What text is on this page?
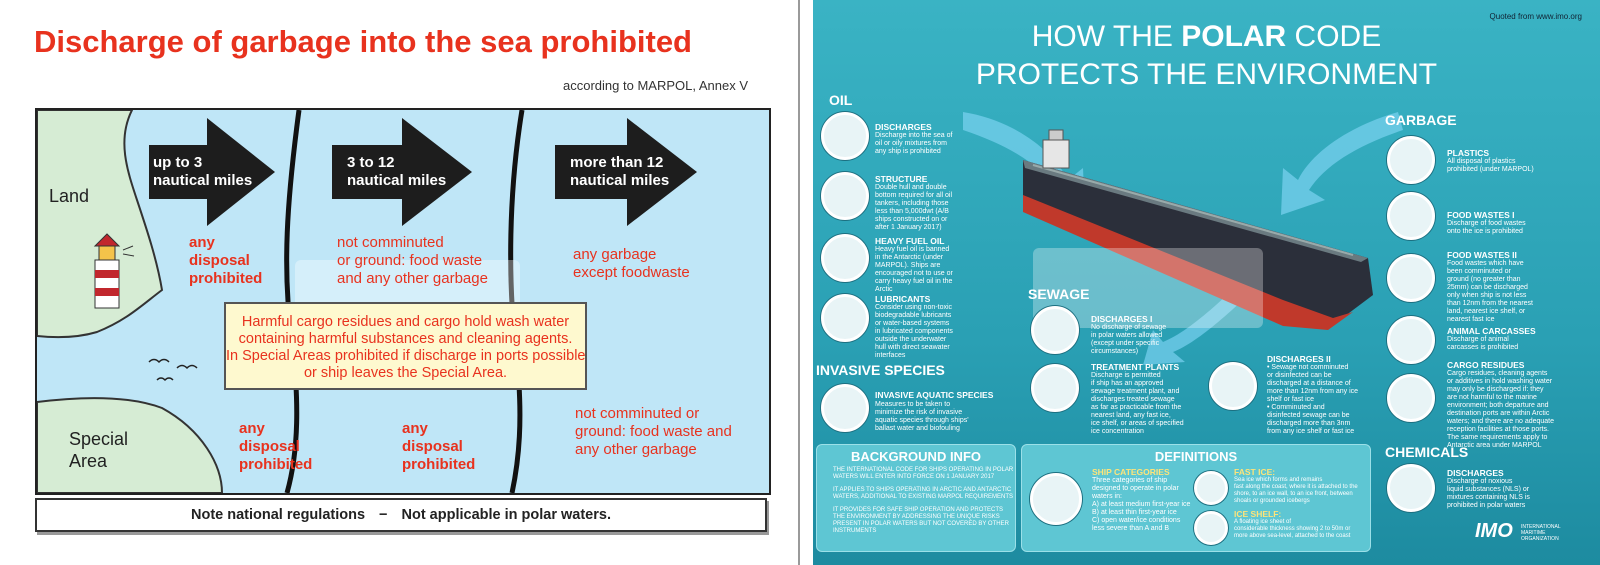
Discharge of garbage into the sea prohibited
according to MARPOL, Annex V
Land
Special
Area
up to 3
nautical miles
3 to 12
nautical miles
more than 12
nautical miles
any
disposal
prohibited
not comminuted
or ground: food waste
and any other garbage
any garbage
except foodwaste
any
disposal
prohibited
any
disposal
prohibited
not comminuted or
ground: food waste and
any other garbage
Harmful cargo residues and cargo hold wash water
containing harmful substances and cleaning agents.
In Special Areas prohibited if discharge in ports possible
or ship leaves the Special Area.
Note national regulations − Not applicable in polar waters.
Quoted from www.imo.org
HOW THE POLAR CODE
PROTECTS THE ENVIRONMENT
OIL
DISCHARGES
Discharge into the sea of
oil or oily mixtures from
any ship is prohibited
STRUCTURE
Double hull and double
bottom required for all oil
tankers, including those
less than 5,000dwt (A/B
ships constructed on or
after 1 January 2017)
HEAVY FUEL OIL
Heavy fuel oil is banned
in the Antarctic (under
MARPOL). Ships are
encouraged not to use or
carry heavy fuel oil in the
Arctic
LUBRICANTS
Consider using non-toxic
biodegradable lubricants
or water-based systems
in lubricated components
outside the underwater
hull with direct seawater
interfaces
INVASIVE SPECIES
INVASIVE AQUATIC SPECIES
Measures to be taken to
minimize the risk of invasive
aquatic species through ships'
ballast water and biofouling
SEWAGE
DISCHARGES I
No discharge of sewage
in polar waters allowed
(except under specific
circumstances)
TREATMENT PLANTS
Discharge is permitted
if ship has an approved
sewage treatment plant, and
discharges treated sewage
as far as practicable from the
nearest land, any fast ice,
ice shelf, or areas of specified
ice concentration
DISCHARGES II
• Sewage not comminuted
or disinfected can be
discharged at a distance of
more than 12nm from any ice
shelf or fast ice
• Comminuted and
disinfected sewage can be
discharged more than 3nm
from any ice shelf or fast ice
GARBAGE
PLASTICS
All disposal of plastics
prohibited (under MARPOL)
FOOD WASTES I
Discharge of food wastes
onto the ice is prohibited
FOOD WASTES II
Food wastes which have
been comminuted or
ground (no greater than
25mm) can be discharged
only when ship is not less
than 12nm from the nearest
land, nearest ice shelf, or
nearest fast ice
ANIMAL CARCASSES
Discharge of animal
carcasses is prohibited
CARGO RESIDUES
Cargo residues, cleaning agents
or additives in hold washing water
may only be discharged if: they
are not harmful to the marine
environment; both departure and
destination ports are within Arctic
waters; and there are no adequate
reception facilities at those ports.
The same requirements apply to
Antarctic area under MARPOL
CHEMICALS
DISCHARGES
Discharge of noxious
liquid substances (NLS) or
mixtures containing NLS is
prohibited in polar waters
BACKGROUND INFO
THE INTERNATIONAL CODE FOR SHIPS OPERATING IN POLAR
WATERS WILL ENTER INTO FORCE ON 1 JANUARY 2017
IT APPLIES TO SHIPS OPERATING IN ARCTIC AND ANTARCTIC
WATERS, ADDITIONAL TO EXISTING MARPOL REQUIREMENTS
IT PROVIDES FOR SAFE SHIP OPERATION AND PROTECTS
THE ENVIRONMENT BY ADDRESSING THE UNIQUE RISKS
PRESENT IN POLAR WATERS BUT NOT COVERED BY OTHER
INSTRUMENTS
DEFINITIONS
SHIP CATEGORIES
Three categories of ship
designed to operate in polar
waters in:
A) at least medium first-year ice
B) at least thin first-year ice
C) open water/ice conditions
less severe than A and B
FAST ICE:
Sea ice which forms and remains
fast along the coast, where it is attached to the
shore, to an ice wall, to an ice front, between
shoals or grounded icebergs
ICE SHELF:
A floating ice sheet of
considerable thickness showing 2 to 50m or
more above sea-level, attached to the coast	IMO INTERNATIONAL
MARITIME
ORGANIZATION
